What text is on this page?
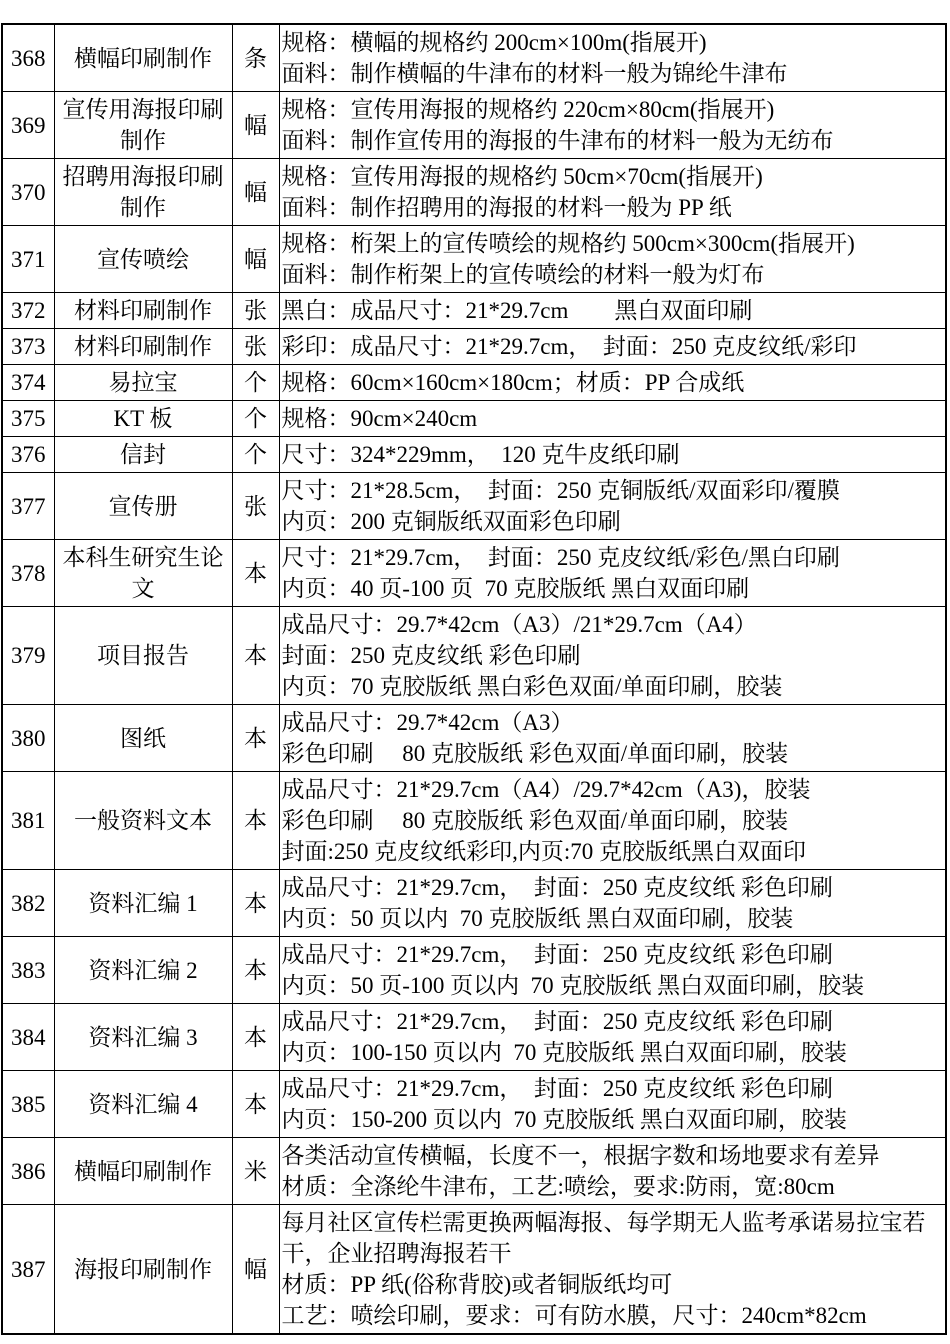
368	横幅印刷制作	条	规格：横幅的规格约 200cm×100m(指展开)
面料：制作横幅的牛津布的材料一般为锦纶牛津布

369	宣传用海报印刷制作	幅	规格：宣传用海报的规格约 220cm×80cm(指展开)
面料：制作宣传用的海报的牛津布的材料一般为无纺布

370	招聘用海报印刷制作	幅	规格：宣传用海报的规格约 50cm×70cm(指展开)
面料：制作招聘用的海报的材料一般为 PP 纸

371	宣传喷绘	幅	规格：桁架上的宣传喷绘的规格约 500cm×300cm(指展开)
面料：制作桁架上的宣传喷绘的材料一般为灯布

372	材料印刷制作	张	黑白：成品尺寸：21*29.7cm　　黑白双面印刷

373	材料印刷制作	张	彩印：成品尺寸：21*29.7cm，　封面：250 克皮纹纸/彩印

374	易拉宝	个	规格：60cm×160cm×180cm；材质：PP 合成纸

375	KT 板	个	规格：90cm×240cm

376	信封	个	尺寸：324*229mm，　120 克牛皮纸印刷

377	宣传册	张	尺寸：21*28.5cm，　封面：250 克铜版纸/双面彩印/覆膜
内页：200 克铜版纸双面彩色印刷

378	本科生研究生论文	本	尺寸：21*29.7cm，　封面：250 克皮纹纸/彩色/黑白印刷
内页：40 页-100 页  70 克胶版纸 黑白双面印刷

379	项目报告	本	成品尺寸：29.7*42cm（A3）/21*29.7cm（A4）
封面：250 克皮纹纸 彩色印刷
内页：70 克胶版纸 黑白彩色双面/单面印刷，胶装

380	图纸	本	成品尺寸：29.7*42cm（A3）
彩色印刷　 80 克胶版纸 彩色双面/单面印刷，胶装

381	一般资料文本	本	成品尺寸：21*29.7cm（A4）/29.7*42cm（A3)，胶装
彩色印刷　 80 克胶版纸 彩色双面/单面印刷，胶装
封面:250 克皮纹纸彩印,内页:70 克胶版纸黑白双面印

382	资料汇编 1	本	成品尺寸：21*29.7cm，　封面：250 克皮纹纸 彩色印刷
内页：50 页以内  70 克胶版纸 黑白双面印刷，胶装

383	资料汇编 2	本	成品尺寸：21*29.7cm，　封面：250 克皮纹纸 彩色印刷
内页：50 页-100 页以内  70 克胶版纸 黑白双面印刷，胶装

384	资料汇编 3	本	成品尺寸：21*29.7cm，　封面：250 克皮纹纸 彩色印刷
内页：100-150 页以内  70 克胶版纸 黑白双面印刷，胶装

385	资料汇编 4	本	成品尺寸：21*29.7cm，　封面：250 克皮纹纸 彩色印刷
内页：150-200 页以内  70 克胶版纸 黑白双面印刷，胶装

386	横幅印刷制作	米	各类活动宣传横幅，长度不一，根据字数和场地要求有差异
材质：全涤纶牛津布，工艺:喷绘，要求:防雨，宽:80cm

387	海报印刷制作	幅	每月社区宣传栏需更换两幅海报、每学期无人监考承诺易拉宝若干，企业招聘海报若干
材质：PP 纸(俗称背胶)或者铜版纸均可
工艺：喷绘印刷，要求：可有防水膜，尺寸：240cm*82cm
